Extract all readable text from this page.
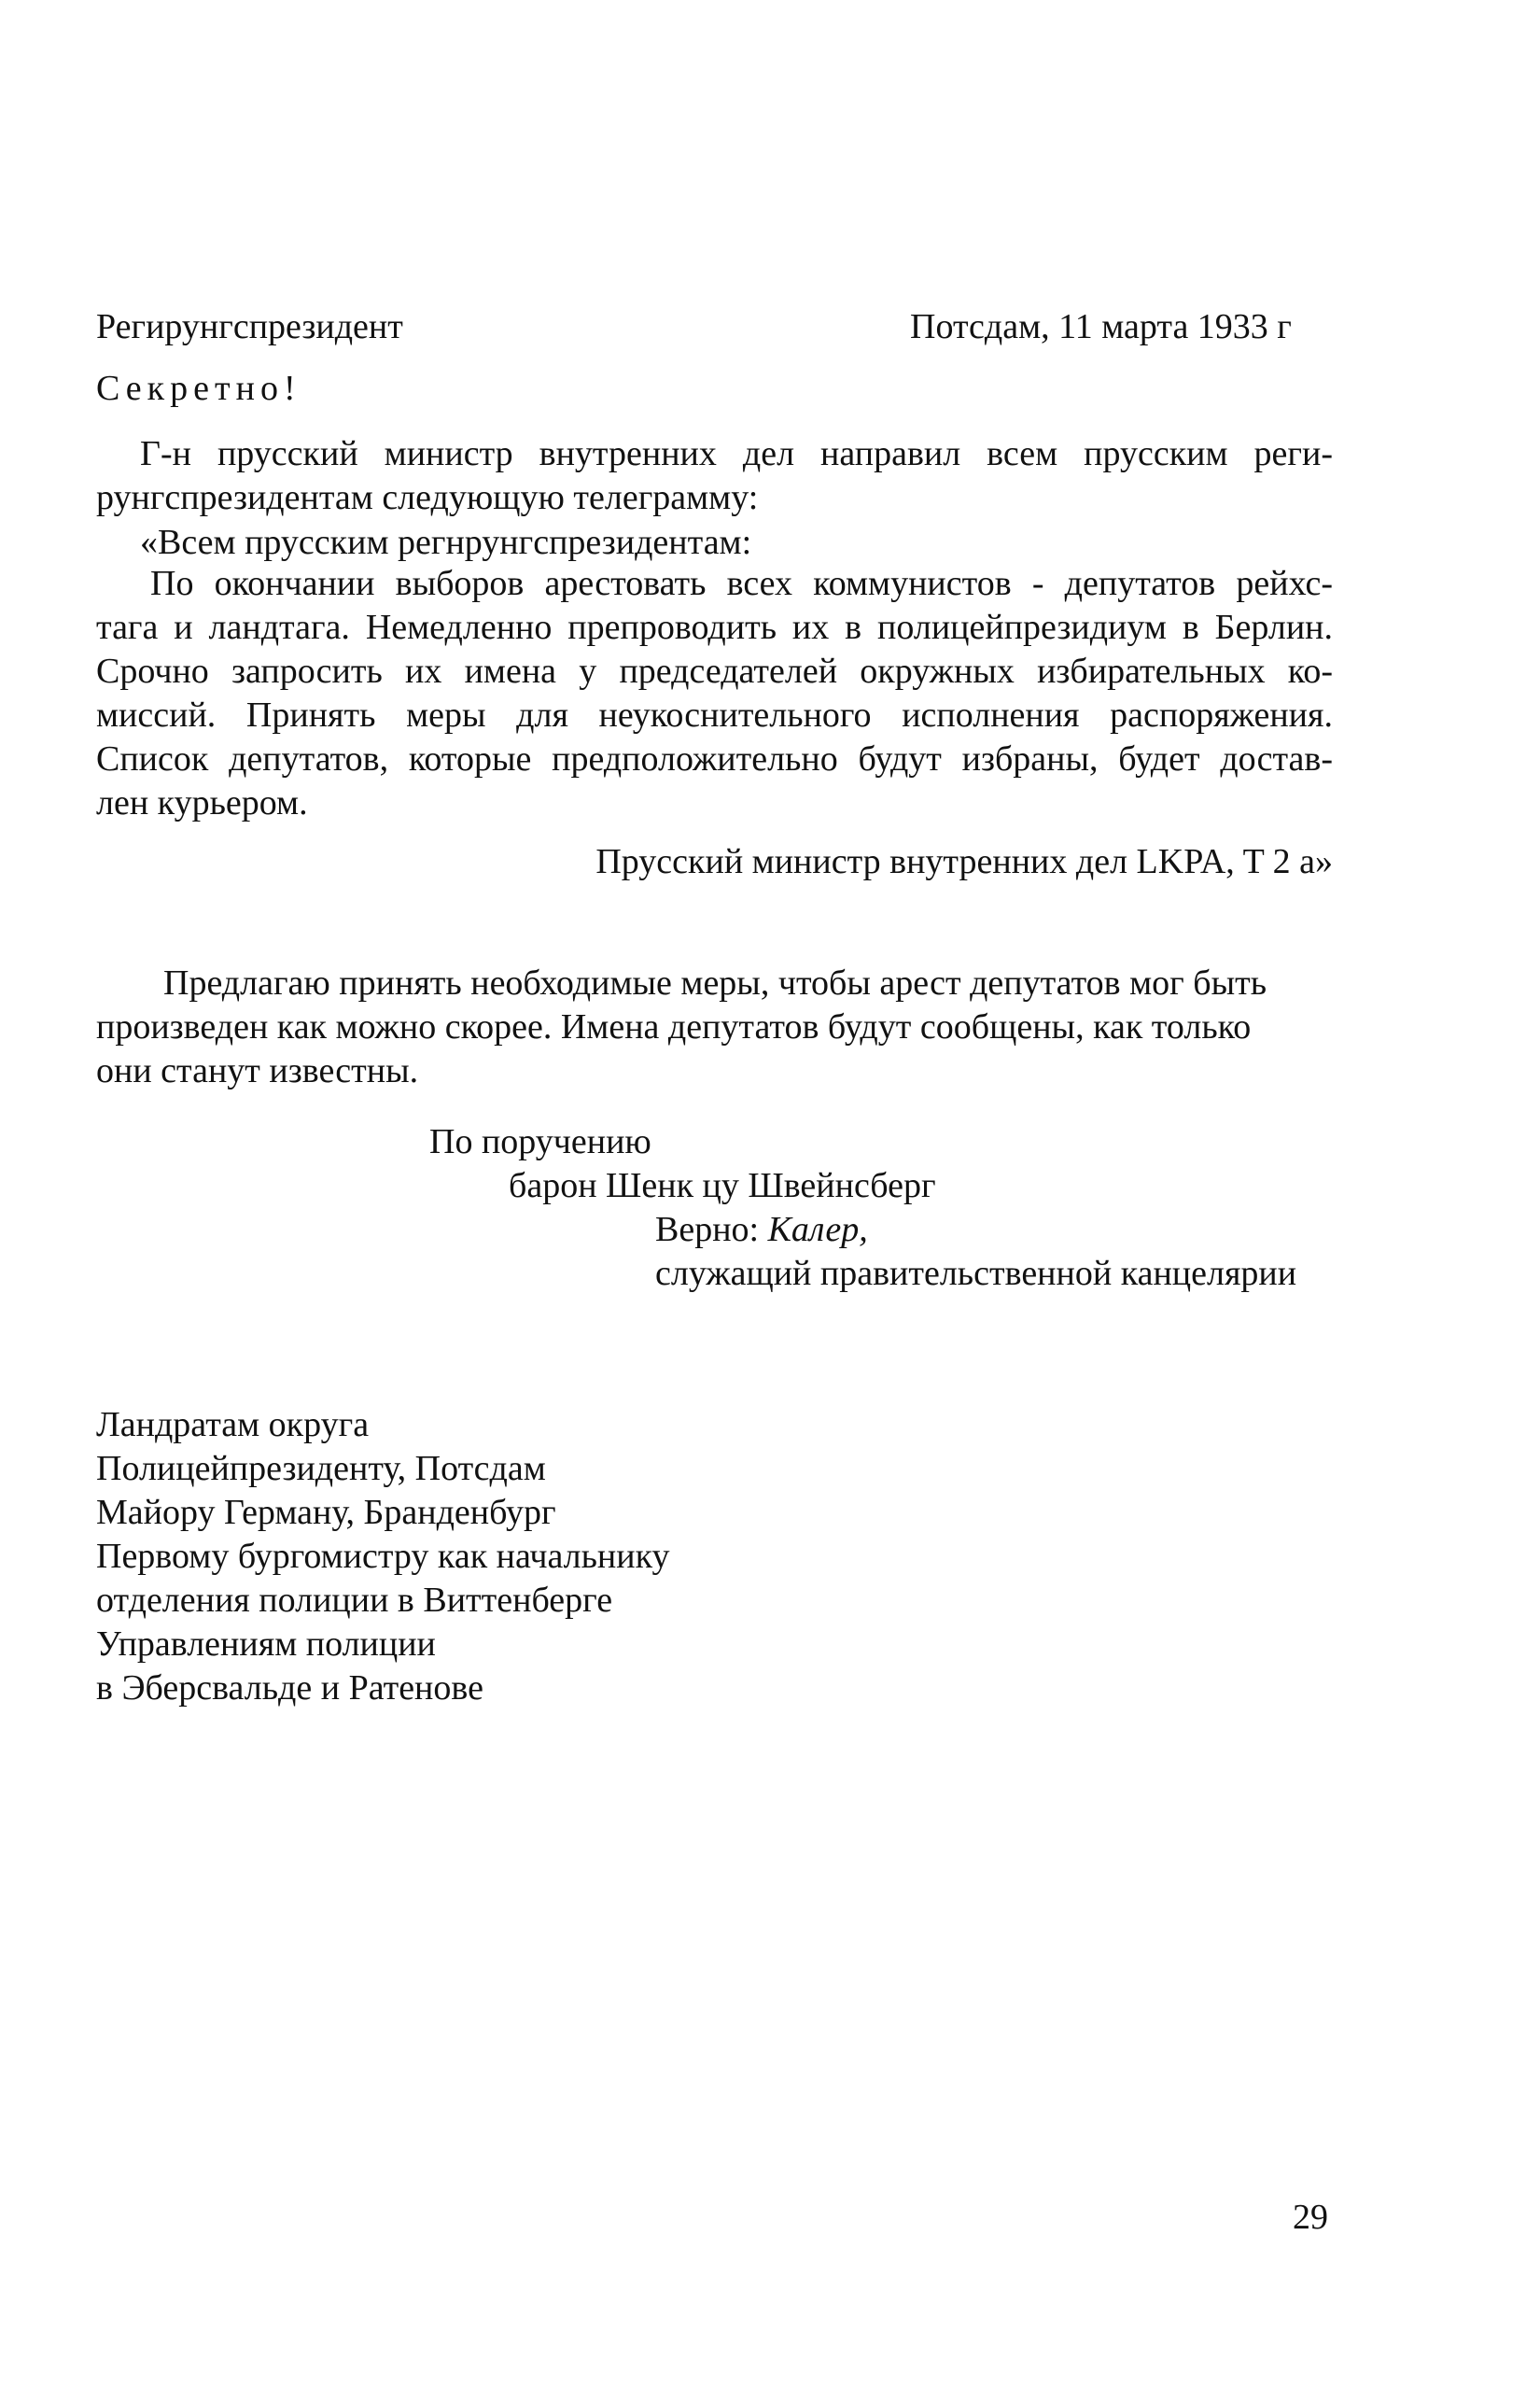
Регирунгспрезидент	Потсдам, 11 марта 1933 г
Секретно!
Г-н прусский министр внутренних дел направил всем прусским реги-
рунгспрезидентам следующую телеграмму:
«Всем прусским регнрунгспрезидентам:
По окончании выборов арестовать всех коммунистов - депутатов рейхс-
тага и ландтага. Немедленно препроводить их в полицейпрезидиум в Берлин.
Срочно запросить их имена у председателей окружных избирательных ко-
миссий. Принять меры для неукоснительного исполнения распоряжения.
Список депутатов, которые предположительно будут избраны, будет достав-
лен курьером.
Прусский министр внутренних дел LKPA, T 2 a»
Предлагаю принять необходимые меры, чтобы арест депутатов мог быть
произведен как можно скорее. Имена депутатов будут сообщены, как только
они станут известны.
По поручению
барон Шенк цу Швейнсберг
Верно: Калер,
служащий правительственной канцелярии
Ландратам округа
Полицейпрезиденту, Потсдам
Майору Герману, Бранденбург
Первому бургомистру как начальнику
отделения полиции в Виттенберге
Управлениям полиции
в Эберсвальде и Ратенове
29
